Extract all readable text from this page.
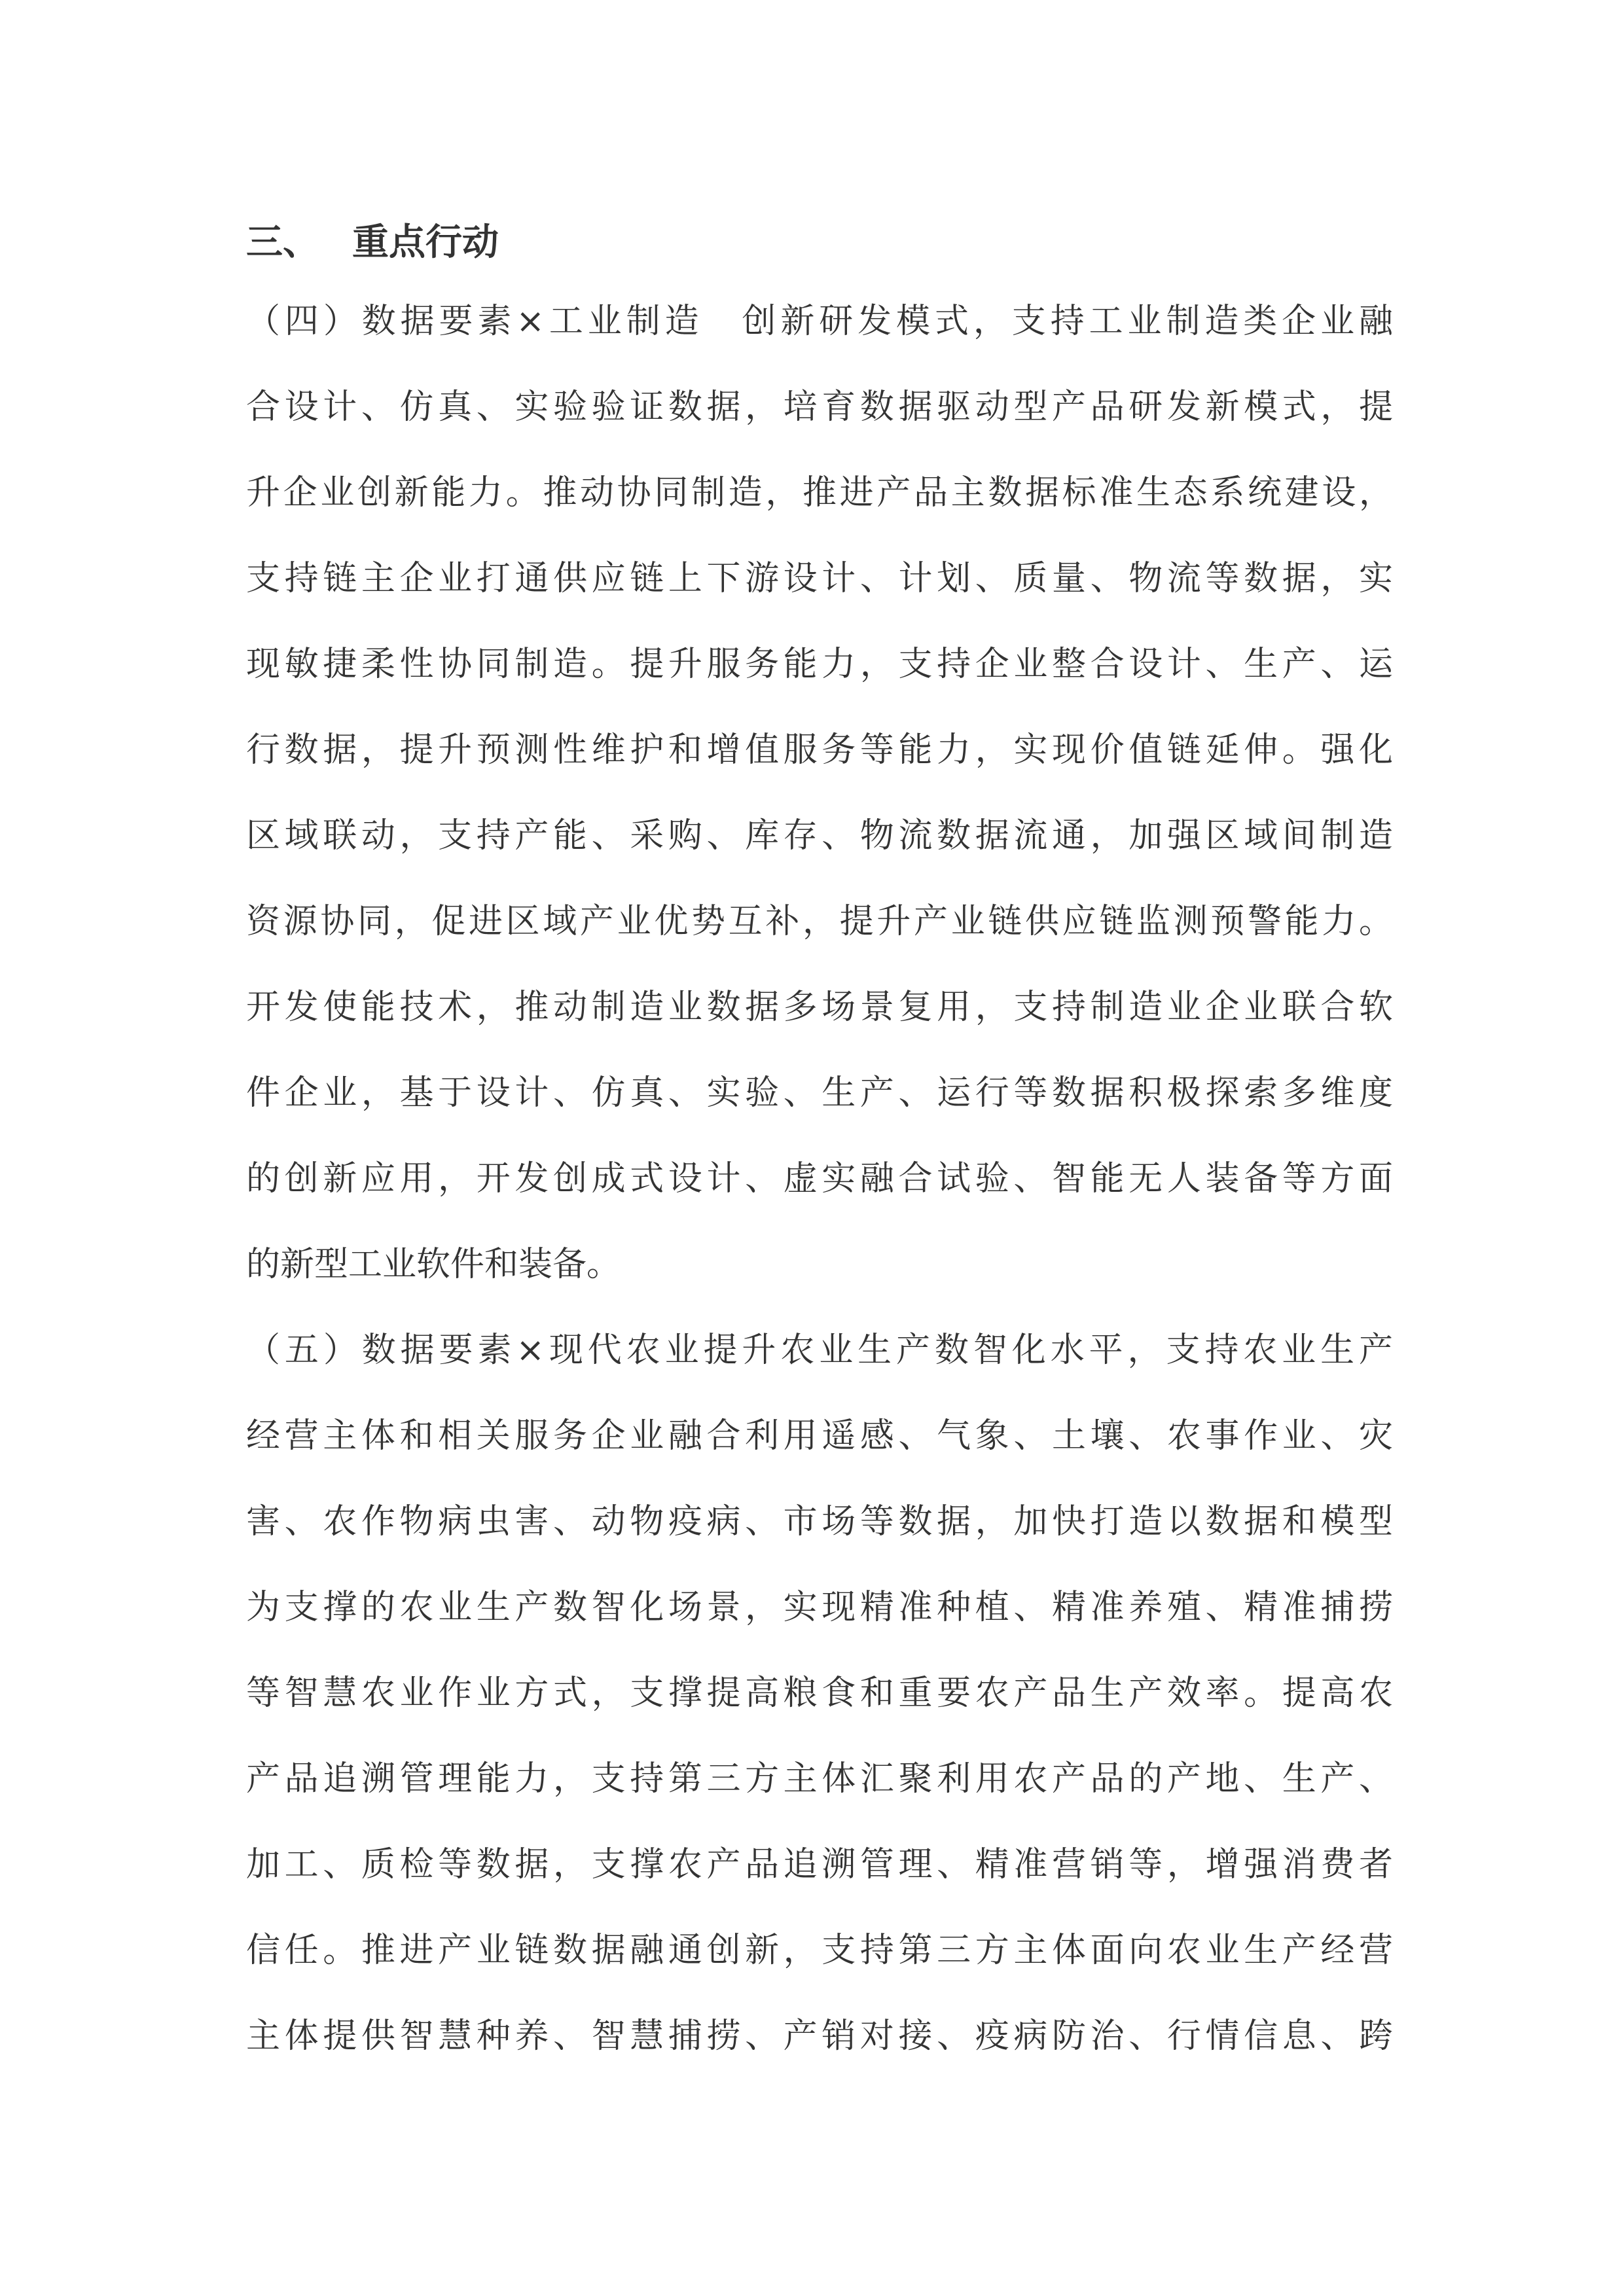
三、 重点行动
（四）数据要素×工业制造　创新研发模式，支持工业制造类企业融
合设计、仿真、实验验证数据，培育数据驱动型产品研发新模式，提
升企业创新能力。推动协同制造，推进产品主数据标准生态系统建设，
支持链主企业打通供应链上下游设计、计划、质量、物流等数据，实
现敏捷柔性协同制造。提升服务能力，支持企业整合设计、生产、运
行数据，提升预测性维护和增值服务等能力，实现价值链延伸。强化
区域联动，支持产能、采购、库存、物流数据流通，加强区域间制造
资源协同，促进区域产业优势互补，提升产业链供应链监测预警能力。
开发使能技术，推动制造业数据多场景复用，支持制造业企业联合软
件企业，基于设计、仿真、实验、生产、运行等数据积极探索多维度
的创新应用，开发创成式设计、虚实融合试验、智能无人装备等方面
的新型工业软件和装备。
（五）数据要素×现代农业提升农业生产数智化水平，支持农业生产
经营主体和相关服务企业融合利用遥感、气象、土壤、农事作业、灾
害、农作物病虫害、动物疫病、市场等数据，加快打造以数据和模型
为支撑的农业生产数智化场景，实现精准种植、精准养殖、精准捕捞
等智慧农业作业方式，支撑提高粮食和重要农产品生产效率。提高农
产品追溯管理能力，支持第三方主体汇聚利用农产品的产地、生产、
加工、质检等数据，支撑农产品追溯管理、精准营销等，增强消费者
信任。推进产业链数据融通创新，支持第三方主体面向农业生产经营
主体提供智慧种养、智慧捕捞、产销对接、疫病防治、行情信息、跨
